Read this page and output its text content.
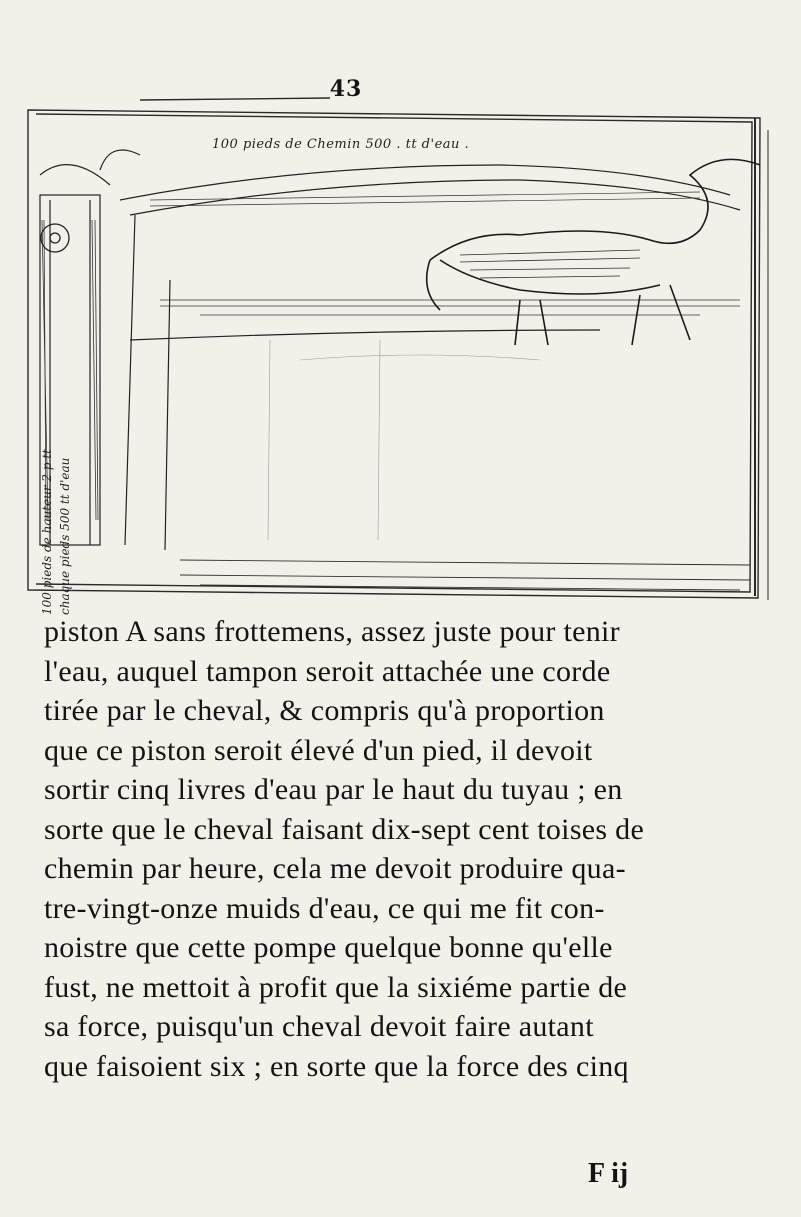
43
100 pieds de Chemin 500 . tt d'eau .
100 pieds de hauteur 2 p tt chaque pieds 500 tt d'eau
piston A sans frottemens, assez juste pour tenir
l'eau, auquel tampon seroit attachée une corde
tirée par le cheval, & compris qu'à proportion
que ce piston seroit élevé d'un pied, il devoit
sortir cinq livres d'eau par le haut du tuyau ; en
sorte que le cheval faisant dix-sept cent toises de
chemin par heure, cela me devoit produire qua-
tre-vingt-onze muids d'eau, ce qui me fit con-
noistre que cette pompe quelque bonne qu'elle
fust, ne mettoit à profit que la sixiéme partie de
sa force, puisqu'un cheval devoit faire autant
que faisoient six ; en sorte que la force des cinq
F ij
